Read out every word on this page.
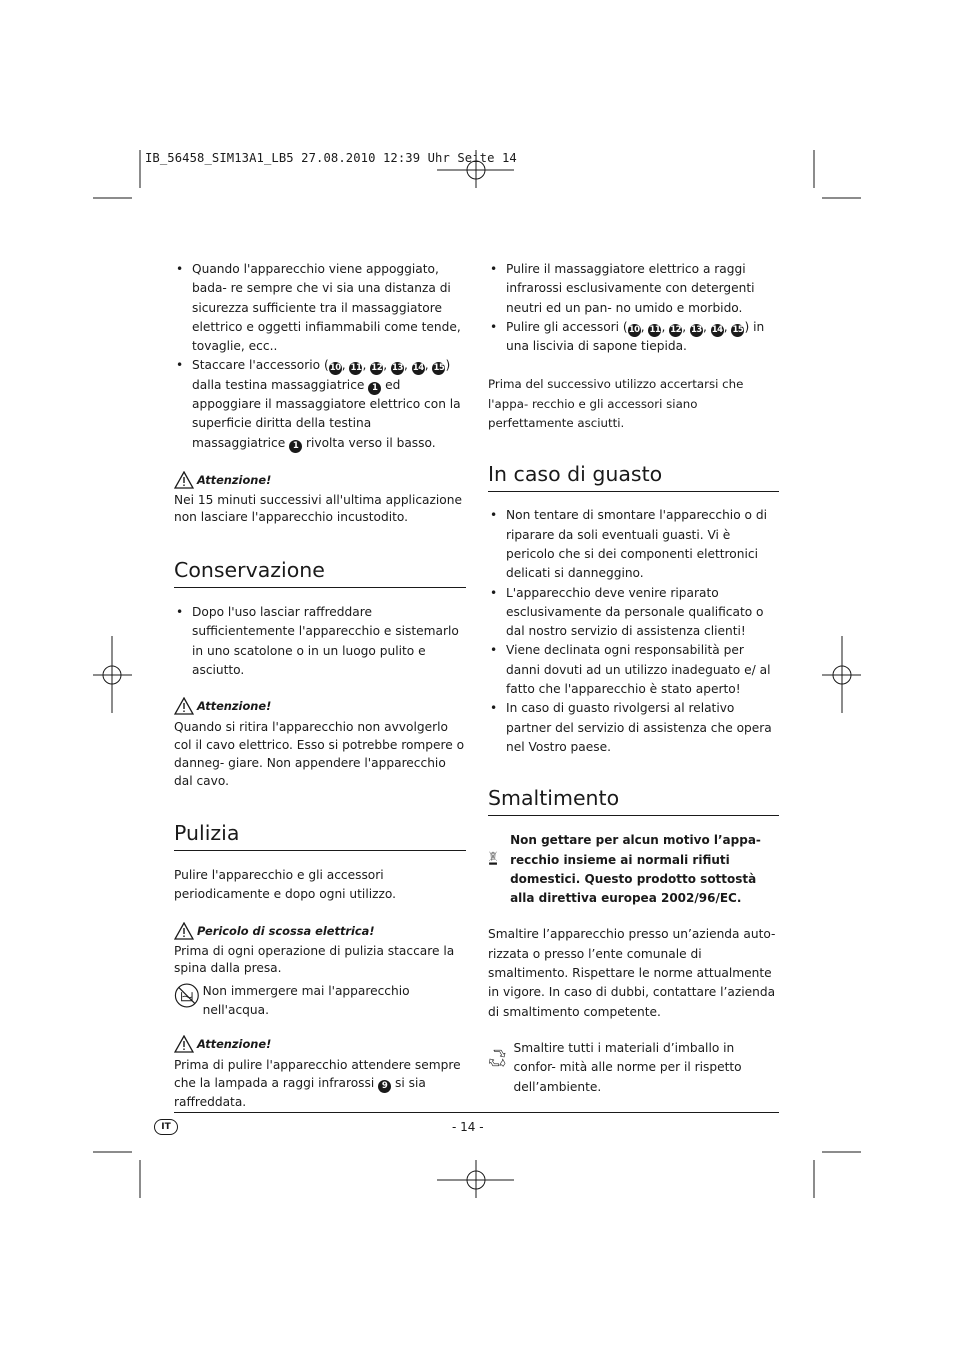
IB_56458_SIM13A1_LB5 27.08.2010 12:39 Uhr Seite 14
• Quando l'apparecchio viene appoggiato, bada- re sempre che vi sia una distanza di sicurezza sufficiente tra il massaggiatore elettrico e oggetti infiammabili come tende, tovaglie, ecc..
• Staccare l'accessorio (10, 11, 12, 13, 14, 15) dalla testina massaggiatrice 1 ed appoggiare il massaggiatore elettrico con la superficie diritta della testina massaggiatrice 1 rivolta verso il basso.
Attenzione!

Nei 15 minuti successivi all'ultima applicazione non lasciare l'apparecchio incustodito.

Conservazione
• Dopo l'uso lasciar raffreddare sufficientemente l'apparecchio e sistemarlo in uno scatolone o in un luogo pulito e asciutto.
Attenzione!

Quando si ritira l'apparecchio non avvolgerlo col il cavo elettrico. Esso si potrebbe rompere o danneg- giare. Non appendere l'apparecchio dal cavo.

Pulizia

Pulire l'apparecchio e gli accessori periodicamente e dopo ogni utilizzo.

Pericolo di scossa elettrica!

Prima di ogni operazione di pulizia staccare la spina dalla presa.

Non immergere mai l'apparecchio nell'acqua.
Attenzione!

Prima di pulire l'apparecchio attendere sempre che la lampada a raggi infrarossi 9 si sia raffreddata.

• Pulire il massaggiatore elettrico a raggi infrarossi esclusivamente con detergenti neutri ed un pan- no umido e morbido.
• Pulire gli accessori (10, 11, 12, 13, 14, 15) in una liscivia di sapone tiepida.

Prima del successivo utilizzo accertarsi che l'appa- recchio e gli accessori siano perfettamente asciutti.

In caso di guasto
• Non tentare di smontare l'apparecchio o di riparare da soli eventuali guasti. Vi è pericolo che si dei componenti elettronici delicati si danneggino.
• L'apparecchio deve venire riparato esclusivamente da personale qualificato o dal nostro servizio di assistenza clienti!
• Viene declinata ogni responsabilità per danni dovuti ad un utilizzo inadeguato e/ al fatto che l'apparecchio è stato aperto!
• In caso di guasto rivolgersi al relativo partner del servizio di assistenza che opera nel Vostro paese.
Smaltimento

Non gettare per alcun motivo l’appa- recchio insieme ai normali rifiuti domestici. Questo prodotto sottostà alla direttiva europea 2002/96/EC.

Smaltire l’apparecchio presso un’azienda auto- rizzata o presso l’ente comunale di smaltimento. Rispettare le norme attualmente in vigore. In caso di dubbi, contattare l’azienda di smaltimento competente.

Smaltire tutti i materiali d’imballo in confor- mità alle norme per il rispetto dell’ambiente.

IT	- 14 -
